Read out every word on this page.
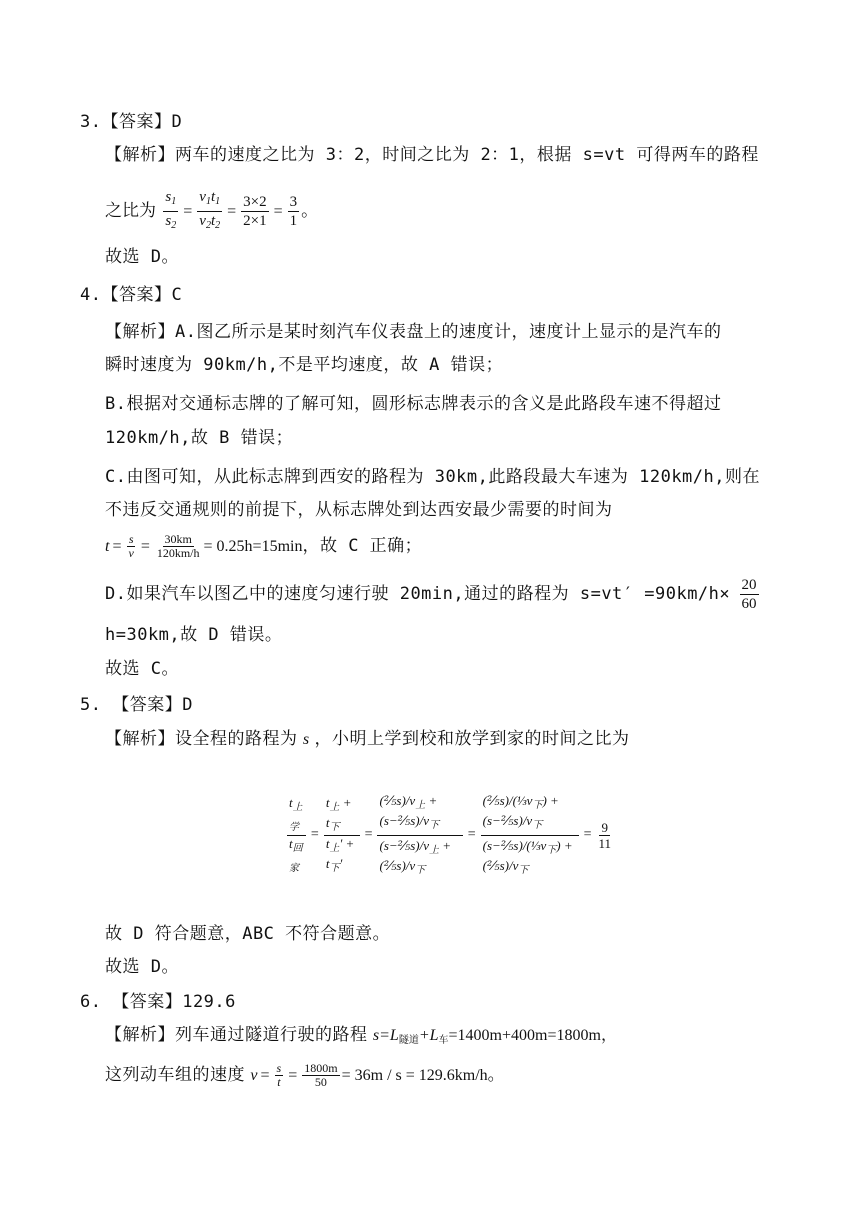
3.【答案】D
【解析】两车的速度之比为 3：2，时间之比为 2：1，根据 s=vt 可得两车的路程
之比为 $\frac{s_1}{s_2} = \frac{v_1t_1}{v_2t_2} = \frac{3\times 2}{2\times 1} = \frac{3}{1}$ 。
故选 D。
4.【答案】C
【解析】A.图乙所示是某时刻汽车仪表盘上的速度计，速度计上显示的是汽车的
瞬时速度为 90km/h,不是平均速度，故 A 错误；
B.根据对交通标志牌的了解可知，圆形标志牌表示的含义是此路段车速不得超过
120km/h,故 B 错误；
C.由图可知，从此标志牌到西安的路程为 30km,此路段最大车速为 120km/h,则在
不违反交通规则的前提下，从标志牌处到达西安最少需要的时间为
$t = \frac{s}{v} = \frac{30km}{120km/h} = 0.25h=15\min$，故 C 正确；
D.如果汽车以图乙中的速度匀速行驶 20min,通过的路程为 $s=vt' =90km/h\times \frac{20}{60}$
h=30km,故 D 错误。
故选 C。
5. 【答案】D
【解析】设全程的路程为 s ，小明上学到校和放学到家的时间之比为
$\frac{t_{上学}}{t_{回家}} = \frac{t_上 + t_下}{t_上' + t_下'} = \frac{(\frac{2}{5}s)/v_上 + (s-\frac{2}{5}s)/v_下}{(s-\frac{2}{5}s)/v_上 + (\frac{2}{5}s)/v_下} = \frac{(\frac{2}{5}s)/(\frac{1}{3}v_下) + (s-\frac{2}{5}s)/v_下}{(s-\frac{2}{5}s)/(\frac{1}{3}v_下) + (\frac{2}{5}s)/v_下} = \frac{9}{11}$
故 D 符合题意，ABC 不符合题意。
故选 D。
6. 【答案】129.6
【解析】列车通过隧道行驶的路程 $s=L_{隧道}+L_车=1400m+400m=1800m$，
这列动车组的速度 $v = \frac{s}{t} = \frac{1800m}{50} = 36m / s = 129.6km/h$。
